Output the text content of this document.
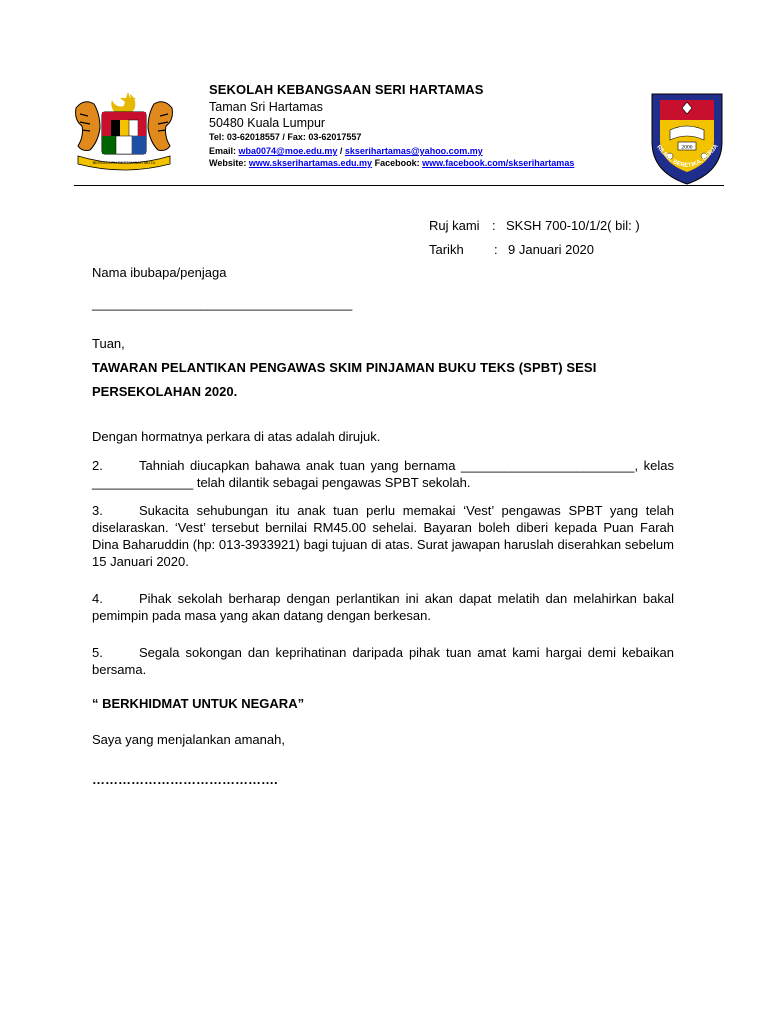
BERSEKUTU BERTAMBAH MUTU
SEKOLAH KEBANGSAAN SERI HARTAMAS
Taman Sri Hartamas
50480 Kuala Lumpur
Tel: 03-62018557 / Fax: 03-62017557
Email: wba0074@moe.edu.my / skserihartamas@yahoo.com.my
Website: www.skserihartamas.edu.my Facebook: www.facebook.com/skserihartamas
2000
RILMU, BERETIKA, BERJA
Ruj kami : SKSH 700-10/1/2( bil: )
Tarikh : 9 Januari 2020
Nama ibubapa/penjaga
____________________________________
Tuan,
TAWARAN PELANTIKAN PENGAWAS SKIM PINJAMAN BUKU TEKS (SPBT) SESI
PERSEKOLAHAN 2020.
Dengan hormatnya perkara di atas adalah dirujuk.
2.	Tahniah diucapkan bahawa anak tuan yang bernama ________________________, kelas ______________ telah dilantik sebagai pengawas SPBT sekolah.
3.	Sukacita sehubungan itu anak tuan perlu memakai ‘Vest’ pengawas SPBT yang telah diselaraskan. ‘Vest’ tersebut bernilai RM45.00 sehelai. Bayaran boleh diberi kepada Puan Farah Dina Baharuddin (hp: 013-3933921) bagi tujuan di atas. Surat jawapan haruslah diserahkan sebelum 15 Januari 2020.
4.	Pihak sekolah berharap dengan perlantikan ini akan dapat melatih dan melahirkan bakal pemimpin pada masa yang akan datang dengan berkesan.
5.	Segala sokongan dan keprihatinan daripada pihak tuan amat kami hargai demi kebaikan bersama.
“ BERKHIDMAT UNTUK NEGARA”
Saya yang menjalankan amanah,
…………………………………….
